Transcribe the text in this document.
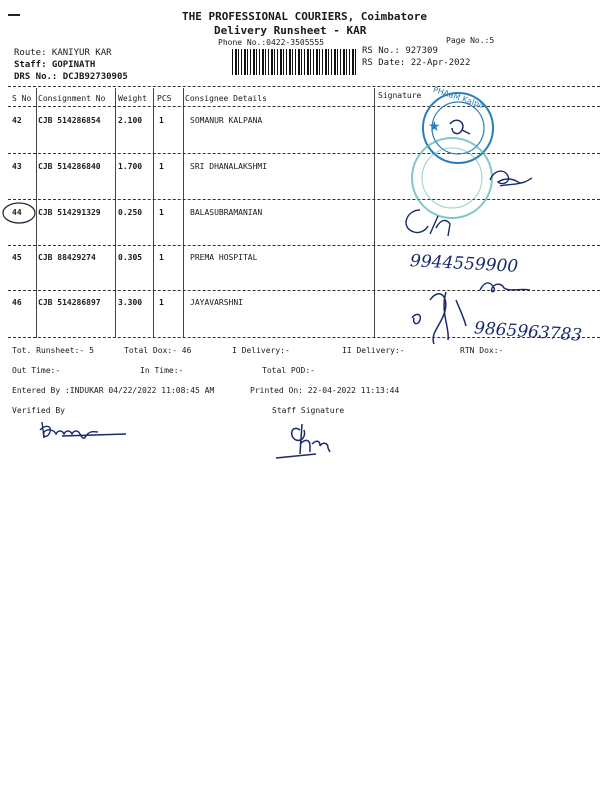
THE PROFESSIONAL COURIERS, Coimbatore
Delivery Runsheet - KAR
Phone No.:0422-3505555	Page No.:5
Route: KANIYUR KAR
Staff: GOPINATH
DRS No.: DCJB92730905
RS No.: 927309
RS Date: 22-Apr-2022
S No Consignment No Weight PCS Consignee Details	Signature
42 CJB 514286854 2.100 1	SOMANUR KALPANA
43 CJB 514286840 1.700 1	SRI DHANALAKSHMI
44 CJB 514291329 0.250 1	BALASUBRAMANIAN
45 CJB 88429274	0.305 1	PREMA HOSPITAL
46 CJB 514286897 3.300 1	JAYAVARSHNI
★
PHAaM Kalpa
9944559900
9865963783
Tot. Runsheet:- 5	Total Dox:- 46	I Delivery:-	II Delivery:-	RTN Dox:-
Out Time:-	In Time:-	Total POD:-
Entered By :INDUKAR 04/22/2022 11:08:45 AM	Printed On: 22-04-2022 11:13:44
Verified By	Staff Signature
